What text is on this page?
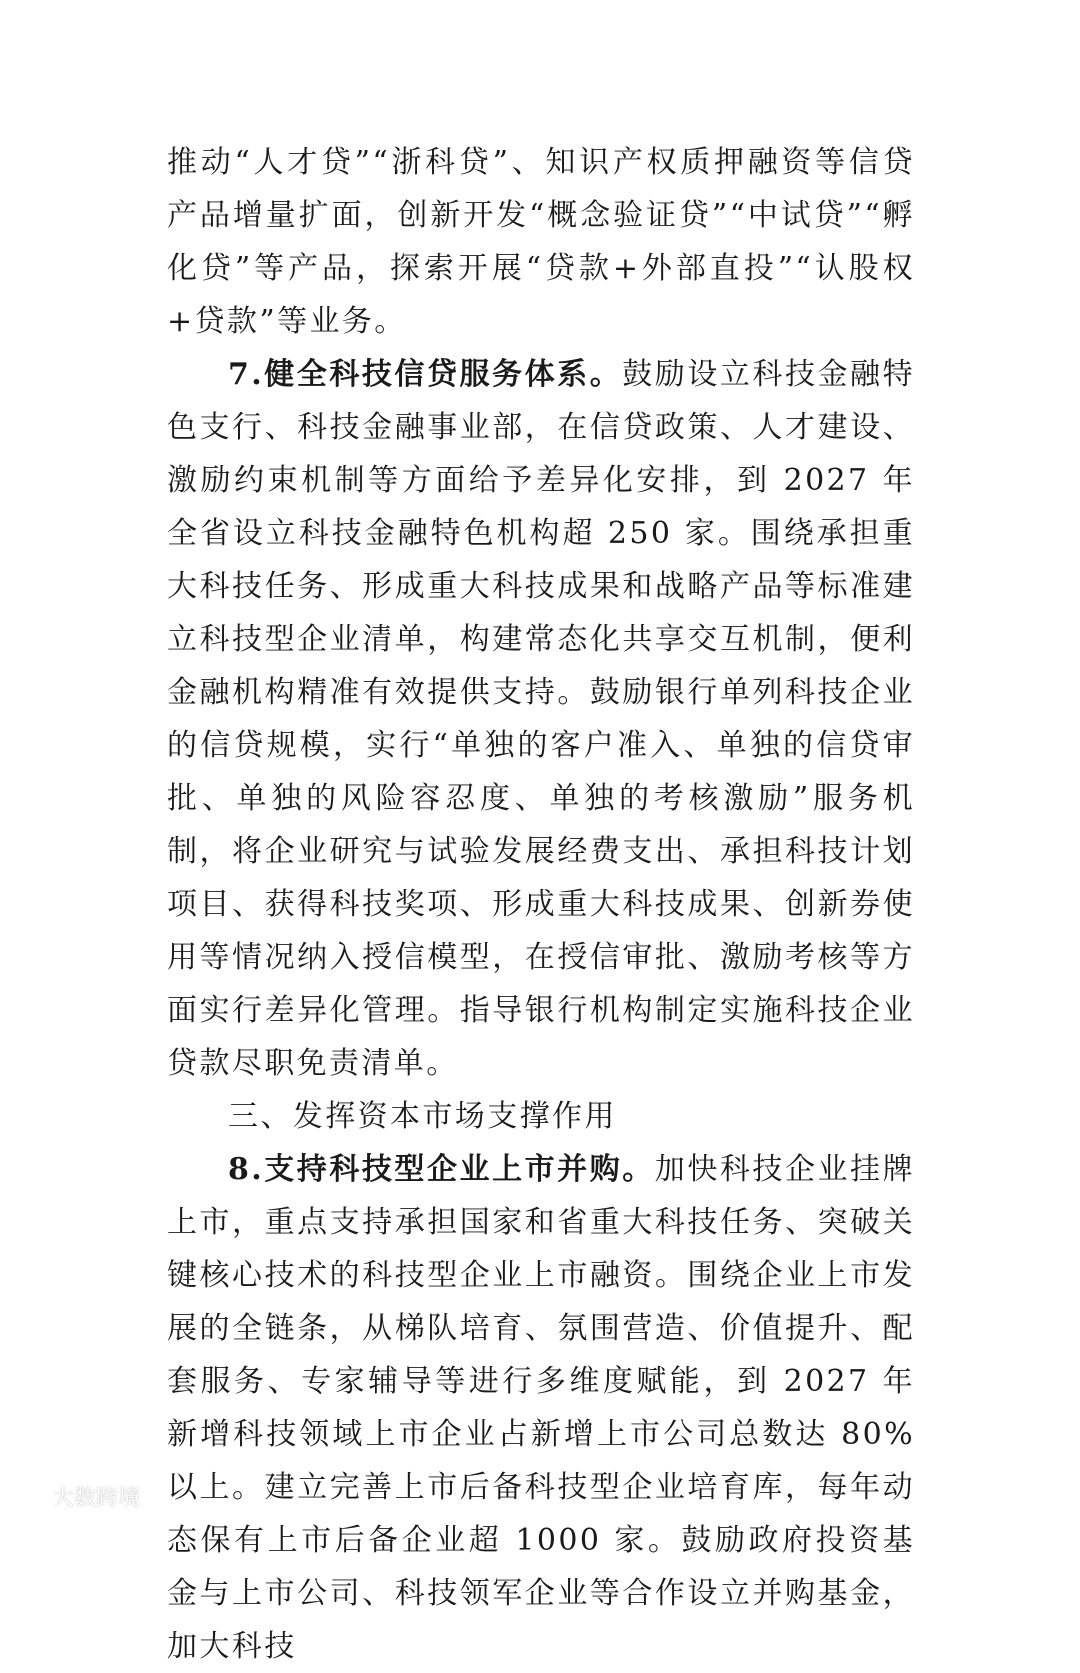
推动“人才贷”“浙科贷”、知识产权质押融资等信贷产品增量扩面，创新开发“概念验证贷”“中试贷”“孵化贷”等产品，探索开展“贷款+外部直投”“认股权+贷款”等业务。

7.健全科技信贷服务体系。鼓励设立科技金融特色支行、科技金融事业部，在信贷政策、人才建设、激励约束机制等方面给予差异化安排，到 2027 年全省设立科技金融特色机构超 250 家。围绕承担重大科技任务、形成重大科技成果和战略产品等标准建立科技型企业清单，构建常态化共享交互机制，便利金融机构精准有效提供支持。鼓励银行单列科技企业的信贷规模，实行“单独的客户准入、单独的信贷审批、单独的风险容忍度、单独的考核激励”服务机制，将企业研究与试验发展经费支出、承担科技计划项目、获得科技奖项、形成重大科技成果、创新券使用等情况纳入授信模型，在授信审批、激励考核等方面实行差异化管理。指导银行机构制定实施科技企业贷款尽职免责清单。

三、发挥资本市场支撑作用

8.支持科技型企业上市并购。加快科技企业挂牌上市，重点支持承担国家和省重大科技任务、突破关键核心技术的科技型企业上市融资。围绕企业上市发展的全链条，从梯队培育、氛围营造、价值提升、配套服务、专家辅导等进行多维度赋能，到 2027 年新增科技领域上市企业占新增上市公司总数达 80%以上。建立完善上市后备科技型企业培育库，每年动态保有上市后备企业超 1000 家。鼓励政府投资基金与上市公司、科技领军企业等合作设立并购基金，加大科技

大数跨境
